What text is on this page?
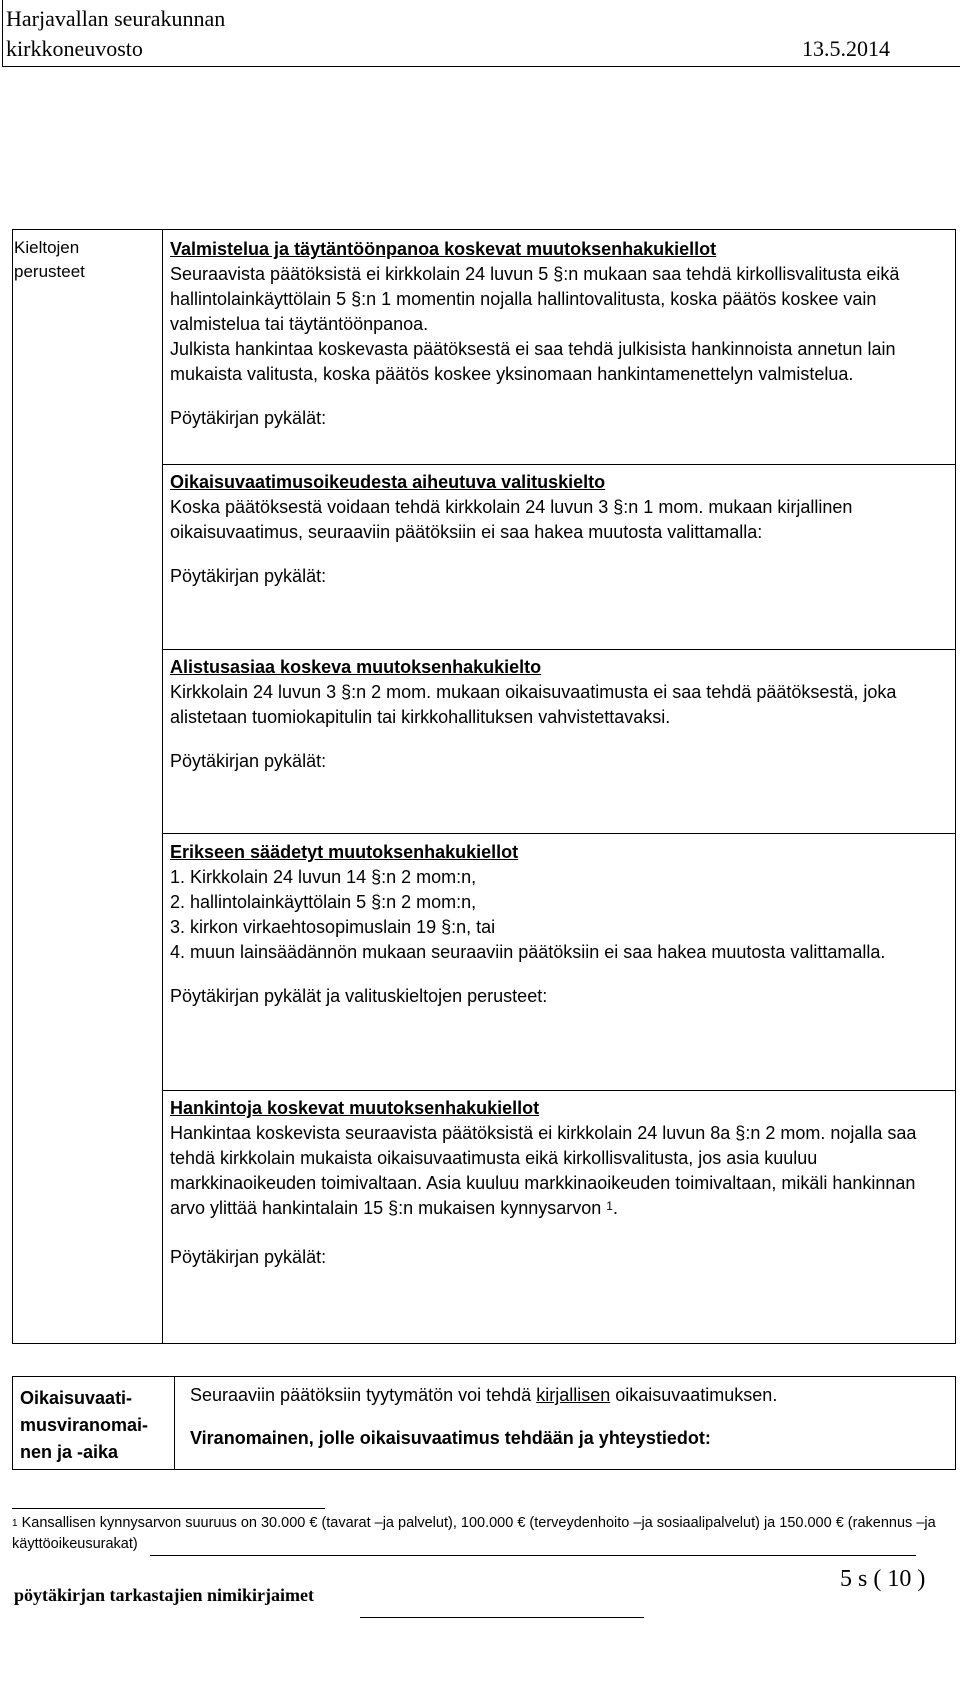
Harjavallan seurakunnan
kirkkoneuvosto	13.5.2014
Kieltojen
perusteet

Valmistelua ja täytäntöönpanoa koskevat muutoksenhakukiellot

Seuraavista päätöksistä ei kirkkolain 24 luvun 5 §:n mukaan saa tehdä kirkollisvalitusta eikä hallintolainkäyttölain 5 §:n 1 momentin nojalla hallintovalitusta, koska päätös koskee vain valmistelua tai täytäntöönpanoa.

Julkista hankintaa koskevasta päätöksestä ei saa tehdä julkisista hankinnoista annetun lain mukaista valitusta, koska päätös koskee yksinomaan hankintamenettelyn valmistelua.

Pöytäkirjan pykälät:

Oikaisuvaatimusoikeudesta aiheutuva valituskielto

Koska päätöksestä voidaan tehdä kirkkolain 24 luvun 3 §:n 1 mom. mukaan kirjallinen oikaisuvaatimus, seuraaviin päätöksiin ei saa hakea muutosta valittamalla:

Pöytäkirjan pykälät:

Alistusasiaa koskeva muutoksenhakukielto

Kirkkolain 24 luvun 3 §:n 2 mom. mukaan oikaisuvaatimusta ei saa tehdä päätöksestä, joka alistetaan tuomiokapitulin tai kirkkohallituksen vahvistettavaksi.

Pöytäkirjan pykälät:

Erikseen säädetyt muutoksenhakukiellot

1. Kirkkolain 24 luvun 14 §:n 2 mom:n,
2. hallintolainkäyttölain 5 §:n 2 mom:n,
3. kirkon virkaehtosopimuslain 19 §:n, tai
4. muun lainsäädännön mukaan seuraaviin päätöksiin ei saa hakea muutosta valittamalla.

Pöytäkirjan pykälät ja valituskieltojen perusteet:

Hankintoja koskevat muutoksenhakukiellot

Hankintaa koskevista seuraavista päätöksistä ei kirkkolain 24 luvun 8a §:n 2 mom. nojalla saa tehdä kirkkolain mukaista oikaisuvaatimusta eikä kirkollisvalitusta, jos asia kuuluu markkinaoikeuden toimivaltaan. Asia kuuluu markkinaoikeuden toimivaltaan, mikäli hankinnan arvo ylittää hankintalain 15 §:n mukaisen kynnysarvon $^1$.

Pöytäkirjan pykälät:

Oikaisuvaati-
musviranomai-
nen ja -aika
Seuraaviin päätöksiin tyytymätön voi tehdä kirjallisen oikaisuvaatimuksen.
Viranomainen, jolle oikaisuvaatimus tehdään ja yhteystiedot:
$^1$ Kansallisen kynnysarvon suuruus on 30.000 € (tavarat –ja palvelut), 100.000 € (terveydenhoito –ja sosiaalipalvelut) ja 150.000 € (rakennus –ja käyttöoikeusurakat)
pöytäkirjan tarkastajien nimikirjaimet
5 s ( 10 )
